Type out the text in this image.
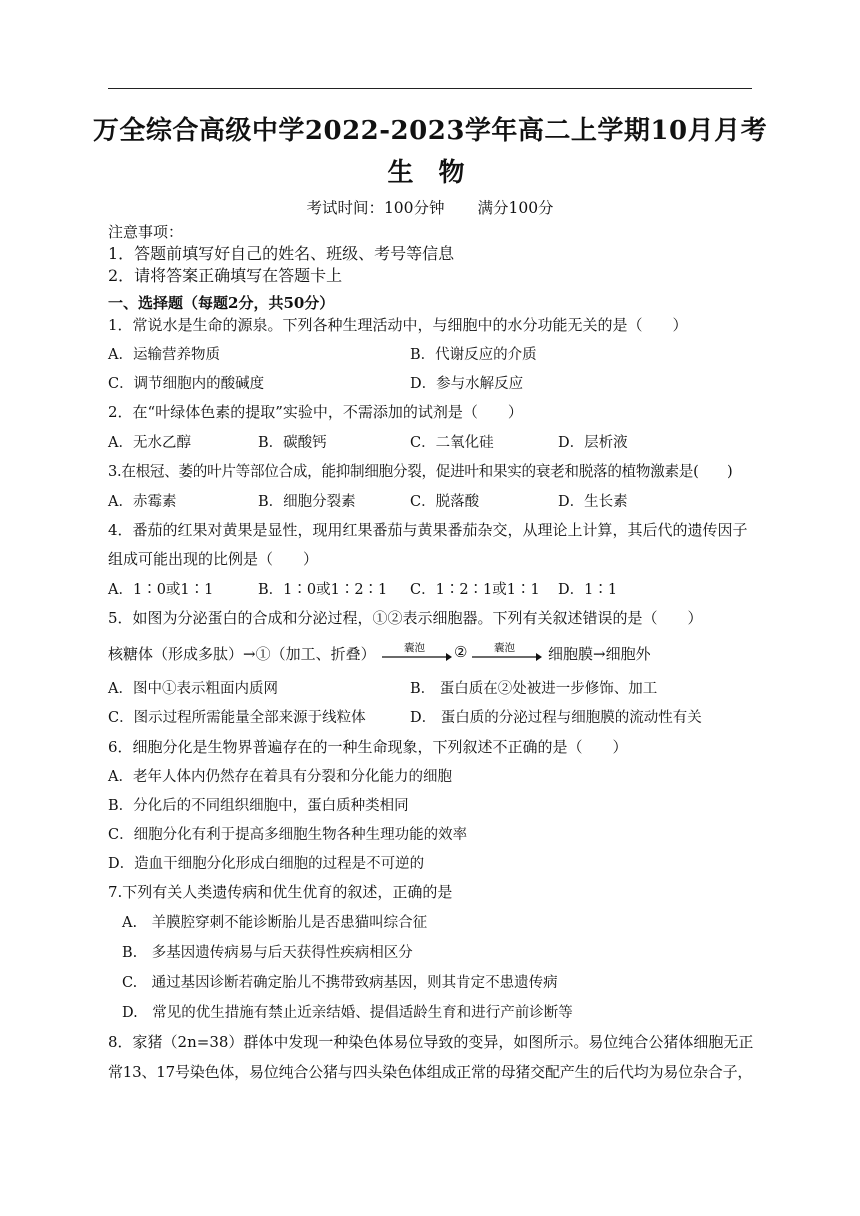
万全综合高级中学2022-2023学年高二上学期10月月考
生 物
考试时间：100分钟 满分100分
注意事项：
1．答题前填写好自己的姓名、班级、考号等信息
2．请将答案正确填写在答题卡上
一、选择题（每题2分，共50分）
1．常说水是生命的源泉。下列各种生理活动中，与细胞中的水分功能无关的是（　　）
A．运输营养物质	B．代谢反应的介质
C．调节细胞内的酸碱度	D．参与水解反应
2．在“叶绿体色素的提取”实验中，不需添加的试剂是（　　）
A．无水乙醇	B．碳酸钙	C．二氧化硅	D．层析液
3.在根冠、萎的叶片等部位合成，能抑制细胞分裂，促进叶和果实的衰老和脱落的植物激素是(　　)
A．赤霉素	B．细胞分裂素	C．脱落酸	D．生长素
4．番茄的红果对黄果是显性，现用红果番茄与黄果番茄杂交，从理论上计算，其后代的遗传因子
组成可能出现的比例是（　　）
A．1∶0或1∶1	B．1∶0或1∶2∶1 C．1∶2∶1或1∶1 D．1∶1
5．如图为分泌蛋白的合成和分泌过程，①②表示细胞器。下列有关叙述错误的是（　　）
核糖体（形成多肽）→①（加工、折叠）	囊泡 ②	囊泡 细胞膜→细胞外
A．图中①表示粗面内质网	B． 蛋白质在②处被进一步修饰、加工
C．图示过程所需能量全部来源于线粒体	D． 蛋白质的分泌过程与细胞膜的流动性有关
6．细胞分化是生物界普遍存在的一种生命现象，下列叙述不正确的是（　　）
A．老年人体内仍然存在着具有分裂和分化能力的细胞
B．分化后的不同组织细胞中，蛋白质种类相同
C．细胞分化有利于提高多细胞生物各种生理功能的效率
D．造血干细胞分化形成白细胞的过程是不可逆的
7.下列有关人类遗传病和优生优育的叙述，正确的是
A.　羊膜腔穿刺不能诊断胎儿是否患猫叫综合征
B.　多基因遗传病易与后天获得性疾病相区分
C.　通过基因诊断若确定胎儿不携带致病基因，则其肯定不患遗传病
D.　常见的优生措施有禁止近亲结婚、提倡适龄生育和进行产前诊断等
8．家猪（2n=38）群体中发现一种染色体易位导致的变异，如图所示。易位纯合公猪体细胞无正
常13、17号染色体，易位纯合公猪与四头染色体组成正常的母猪交配产生的后代均为易位杂合子，
